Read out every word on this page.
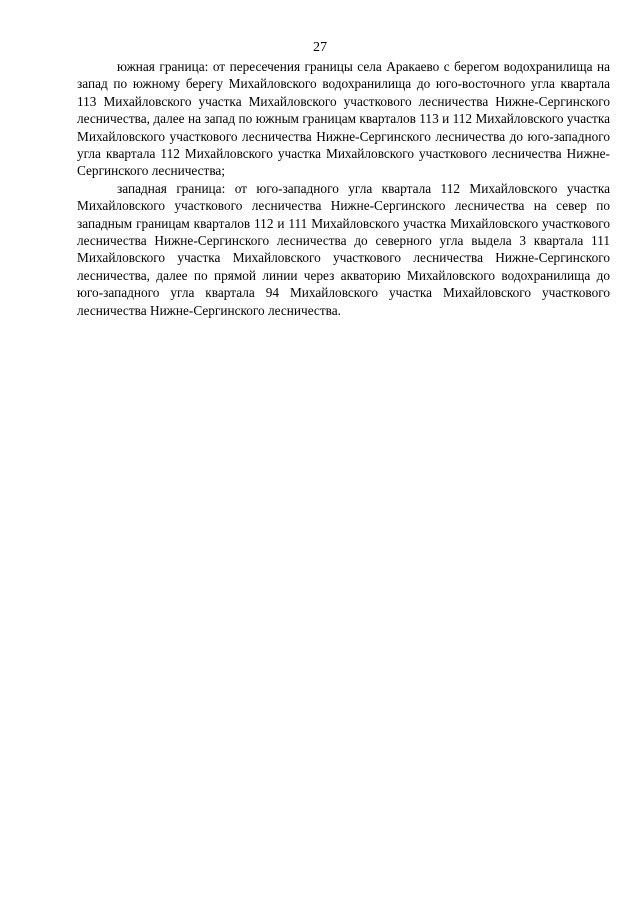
27

южная граница: от пересечения границы села Аракаево с берегом водохранилища на запад по южному берегу Михайловского водохранилища до юго-восточного угла квартала 113 Михайловского участка Михайловского участкового лесничества Нижне-Сергинского лесничества, далее на запад по южным границам кварталов 113 и 112 Михайловского участка Михайловского участкового лесничества Нижне-Сергинского лесничества до юго-западного угла квартала 112 Михайловского участка Михайловского участкового лесничества Нижне-Сергинского лесничества;

западная граница: от юго-западного угла квартала 112 Михайловского участка Михайловского участкового лесничества Нижне-Сергинского лесничества на север по западным границам кварталов 112 и 111 Михайловского участка Михайловского участкового лесничества Нижне-Сергинского лесничества до северного угла выдела 3 квартала 111 Михайловского участка Михайловского участкового лесничества Нижне-Сергинского лесничества, далее по прямой линии через акваторию Михайловского водохранилища до юго-западного угла квартала 94 Михайловского участка Михайловского участкового лесничества Нижне-Сергинского лесничества.
